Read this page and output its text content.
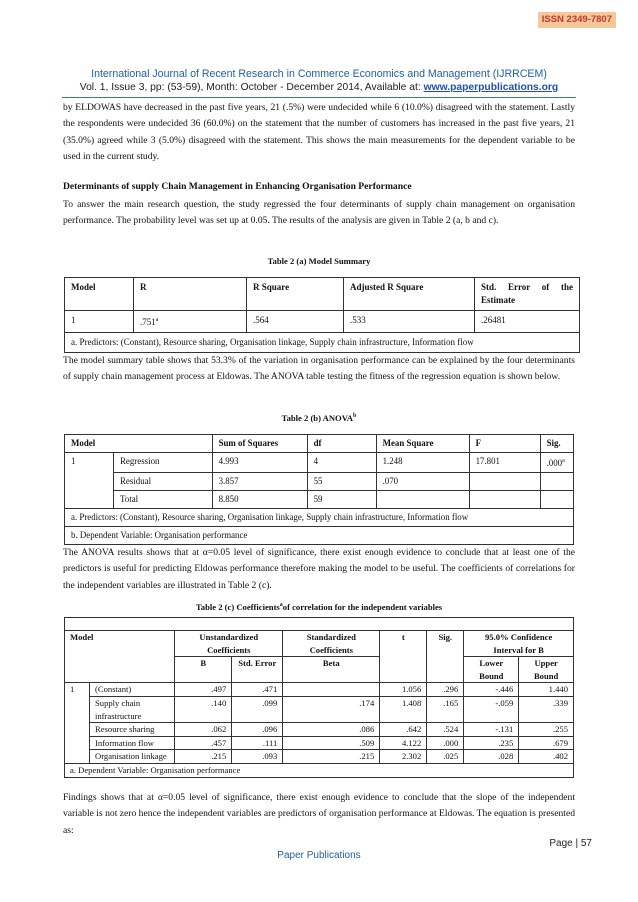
ISSN 2349-7807
International Journal of Recent Research in Commerce Economics and Management (IJRRCEM)
Vol. 1, Issue 3, pp: (53-59), Month: October - December 2014, Available at: www.paperpublications.org
by ELDOWAS have decreased in the past five years, 21 (.5%) were undecided while 6 (10.0%) disagreed with the statement. Lastly the respondents were undecided 36 (60.0%) on the statement that the number of customers has increased in the past five years, 21 (35.0%) agreed while 3 (5.0%) disagreed with the statement. This shows the main measurements for the dependent variable to be used in the current study.
Determinants of supply Chain Management in Enhancing Organisation Performance
To answer the main research question, the study regressed the four determinants of supply chain management on organisation performance. The probability level was set up at 0.05. The results of the analysis are given in Table 2 (a, b and c).
Table 2 (a) Model Summary
Model	R	R Square	Adjusted R Square	Std. Error of the Estimate
1	.751$^a$	.564	.533	.26481
a. Predictors: (Constant), Resource sharing, Organisation linkage, Supply chain infrastructure, Information flow				
The model summary table shows that 53.3% of the variation in organisation performance can be explained by the four determinants of supply chain management process at Eldowas. The ANOVA table testing the fitness of the regression equation is shown below.
Table 2 (b) ANOVA$^b$
Model		Sum of Squares	df	Mean Square	F	Sig.
1	Regression	4.993	4	1.248	17.801	.000$^a$
	Residual	3.857	55	.070		
	Total	8.850	59			
a. Predictors: (Constant), Resource sharing, Organisation linkage, Supply chain infrastructure, Information flow						
b. Dependent Variable: Organisation performance						
The ANOVA results shows that at α=0.05 level of significance, there exist enough evidence to conclude that at least one of the predictors is useful for predicting Eldowas performance therefore making the model to be useful. The coefficients of correlations for the independent variables are illustrated in Table 2 (c).
Table 2 (c) Coefficients$^a$of correlation for the independent variables

Model		Unstandardized Coefficients		Standardized Coefficients	t	Sig.	95.0% Confidence Interval for B	
		B	Std. Error	Beta			Lower Bound	Upper Bound
1	(Constant)	.497	.471		1.056	.296	-.446	1.440
	Supply chain infrastructure	.140	.099	.174	1.408	.165	-.059	.339
	Resource sharing	.062	.096	.086	.642	.524	-.131	.255
	Information flow	.457	.111	.509	4.122	.000	.235	.679
	Organisation linkage	.215	.093	.215	2.302	.025	.028	.402
a. Dependent Variable: Organisation performance								
Findings shows that at α=0.05 level of significance, there exist enough evidence to conclude that the slope of the independent variable is not zero hence the independent variables are predictors of organisation performance at Eldowas. The equation is presented as:
Page | 57
Paper Publications
